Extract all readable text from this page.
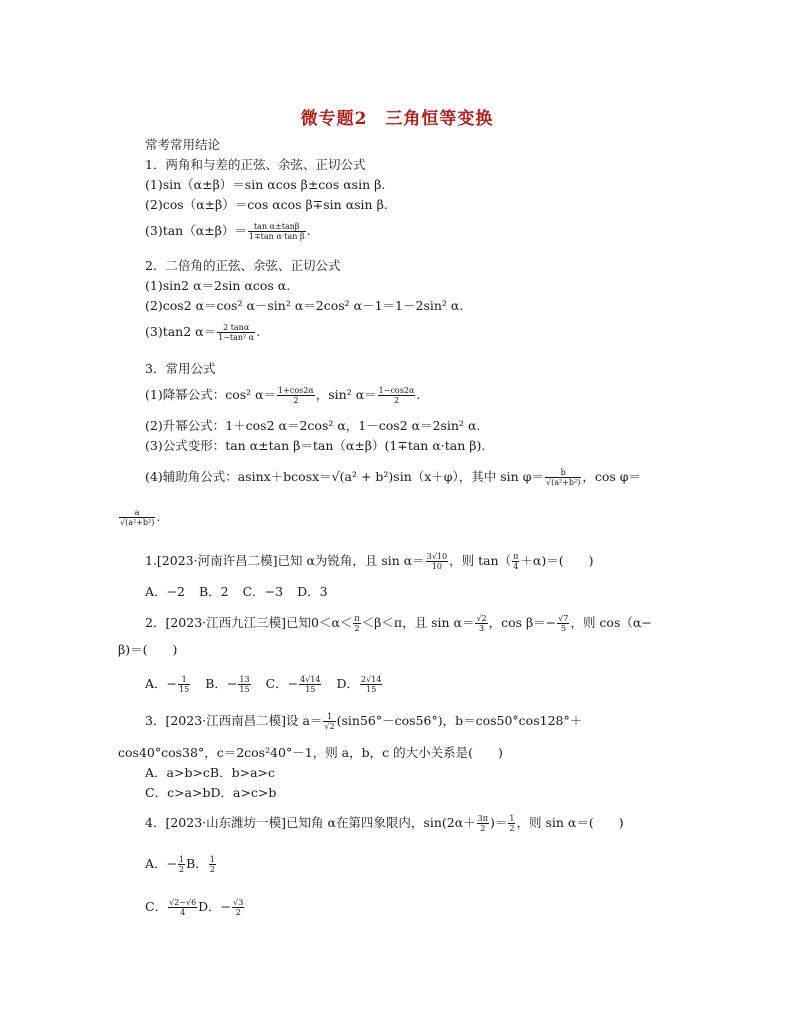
微专题2　三角恒等变换
常考常用结论
1．两角和与差的正弦、余弦、正切公式
(1)sin（α±β）＝sin αcos β±cos αsin β.
(2)cos（α±β）＝cos αcos β∓sin αsin β.
$(3)\tan(\alpha\pm\beta)= \frac{\text{tan α±tanβ}}{\text{1∓tan α·tan β}}$ .
2．二倍角的正弦、余弦、正切公式
(1)sin2 α＝2sin αcos α.
(2)cos2 α＝cos² α－sin² α＝2cos² α－1＝1－2sin² α.
(3)tan2 $\alpha= \frac{2 \tan\alpha}{\text{1−tan² α}}$ .
3．常用公式
(1)降幂公式：cos² $\alpha= \frac{1+\cos 2\alpha}{2}$ ，sin² $\alpha= \frac{1-\cos 2\alpha}{2}$ .
(2)升幂公式：1＋cos2 α＝2cos² α，1－cos2 α＝2sin² α.
(3)公式变形：tan α±tan β＝tan（α±β）(1∓tan α·tan β).
(4)辅助角公式：asinx＋bcosx＝√(a² + b²)sin（x＋φ），其中 $\sin \varphi= \frac{b}{\text{√(a²+b²)}}$ ，cos φ＝
$\frac{a}{\text{√(a²+b²)}}$ .
1.[2023·河南许昌二模]已知 α为锐角，且 $\sin \alpha= \frac{3√10}{10}$ ，则 $\tan( \frac{\pi}{4} +\alpha)=$(　　)
A．−2 B．2 C．−3 D．3
2．[2023·江西九江三模]已知$0<\alpha< \frac{\pi}{2} <\beta<\pi$，且 $\sin \alpha= \frac{√2}{3}$ ，$\cos \beta=- \frac{√7}{5}$ ，则 cos（α−
β)＝(　　)
A．− $\frac{1}{15}$ B．− $\frac{13}{15}$ C．− $\frac{4√14}{15}$ D． $\frac{2√14}{15}$
3．[2023·江西南昌二模]设 $a= \frac{1}{√2} (\sin 56^\circ-\cos 56^\circ)$，b＝cos50°cos128°＋
cos40°cos38°，c＝2cos²40°－1，则 a，b，c 的大小关系是(　　)
A．a>b>cB．b>a>c
C．c>a>bD．a>c>b
4．[2023·山东潍坊一模]已知角 α在第四象限内，$\sin(2\alpha+ \frac{3\pi}{2}$ )＝ $\frac{1}{2}$ ，则 sin α＝(　　)
A．− $\frac{1}{2}$ B． $\frac{1}{2}$
C． $\frac{√2-√6}{4}$ D．− $\frac{√3}{2}$
